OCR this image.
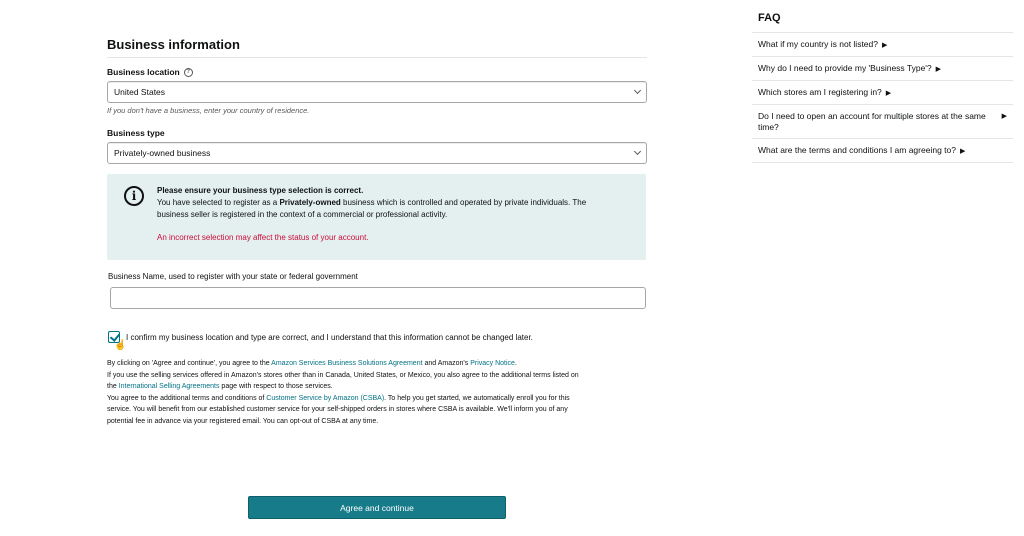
Business information
Business location	?
United States
If you don't have a business, enter your country of residence.
Business type
Privately-owned business
i	Please ensure your business type selection is correct.
You have selected to register as a Privately-owned business which is controlled and operated by private individuals. The
business seller is registered in the context of a commercial or professional activity.
An incorrect selection may affect the status of your account.
Business Name, used to register with your state or federal government
I confirm my business location and type are correct, and I understand that this information cannot be changed later.
☝
By clicking on 'Agree and continue', you agree to the Amazon Services Business Solutions Agreement and Amazon's Privacy Notice.
If you use the selling services offered in Amazon's stores other than in Canada, United States, or Mexico, you also agree to the additional terms listed on
the International Selling Agreements page with respect to those services.
You agree to the additional terms and conditions of Customer Service by Amazon (CSBA). To help you get started, we automatically enroll you for this
service. You will benefit from our established customer service for your self-shipped orders in stores where CSBA is available. We'll inform you of any
potential fee in advance via your registered email. You can opt-out of CSBA at any time.
Agree and continue
FAQ
What if my country is not listed? ▶
Why do I need to provide my 'Business Type'? ▶
Which stores am I registering in? ▶
Do I need to open an account for multiple stores at the same time?
▶
What are the terms and conditions I am agreeing to? ▶
